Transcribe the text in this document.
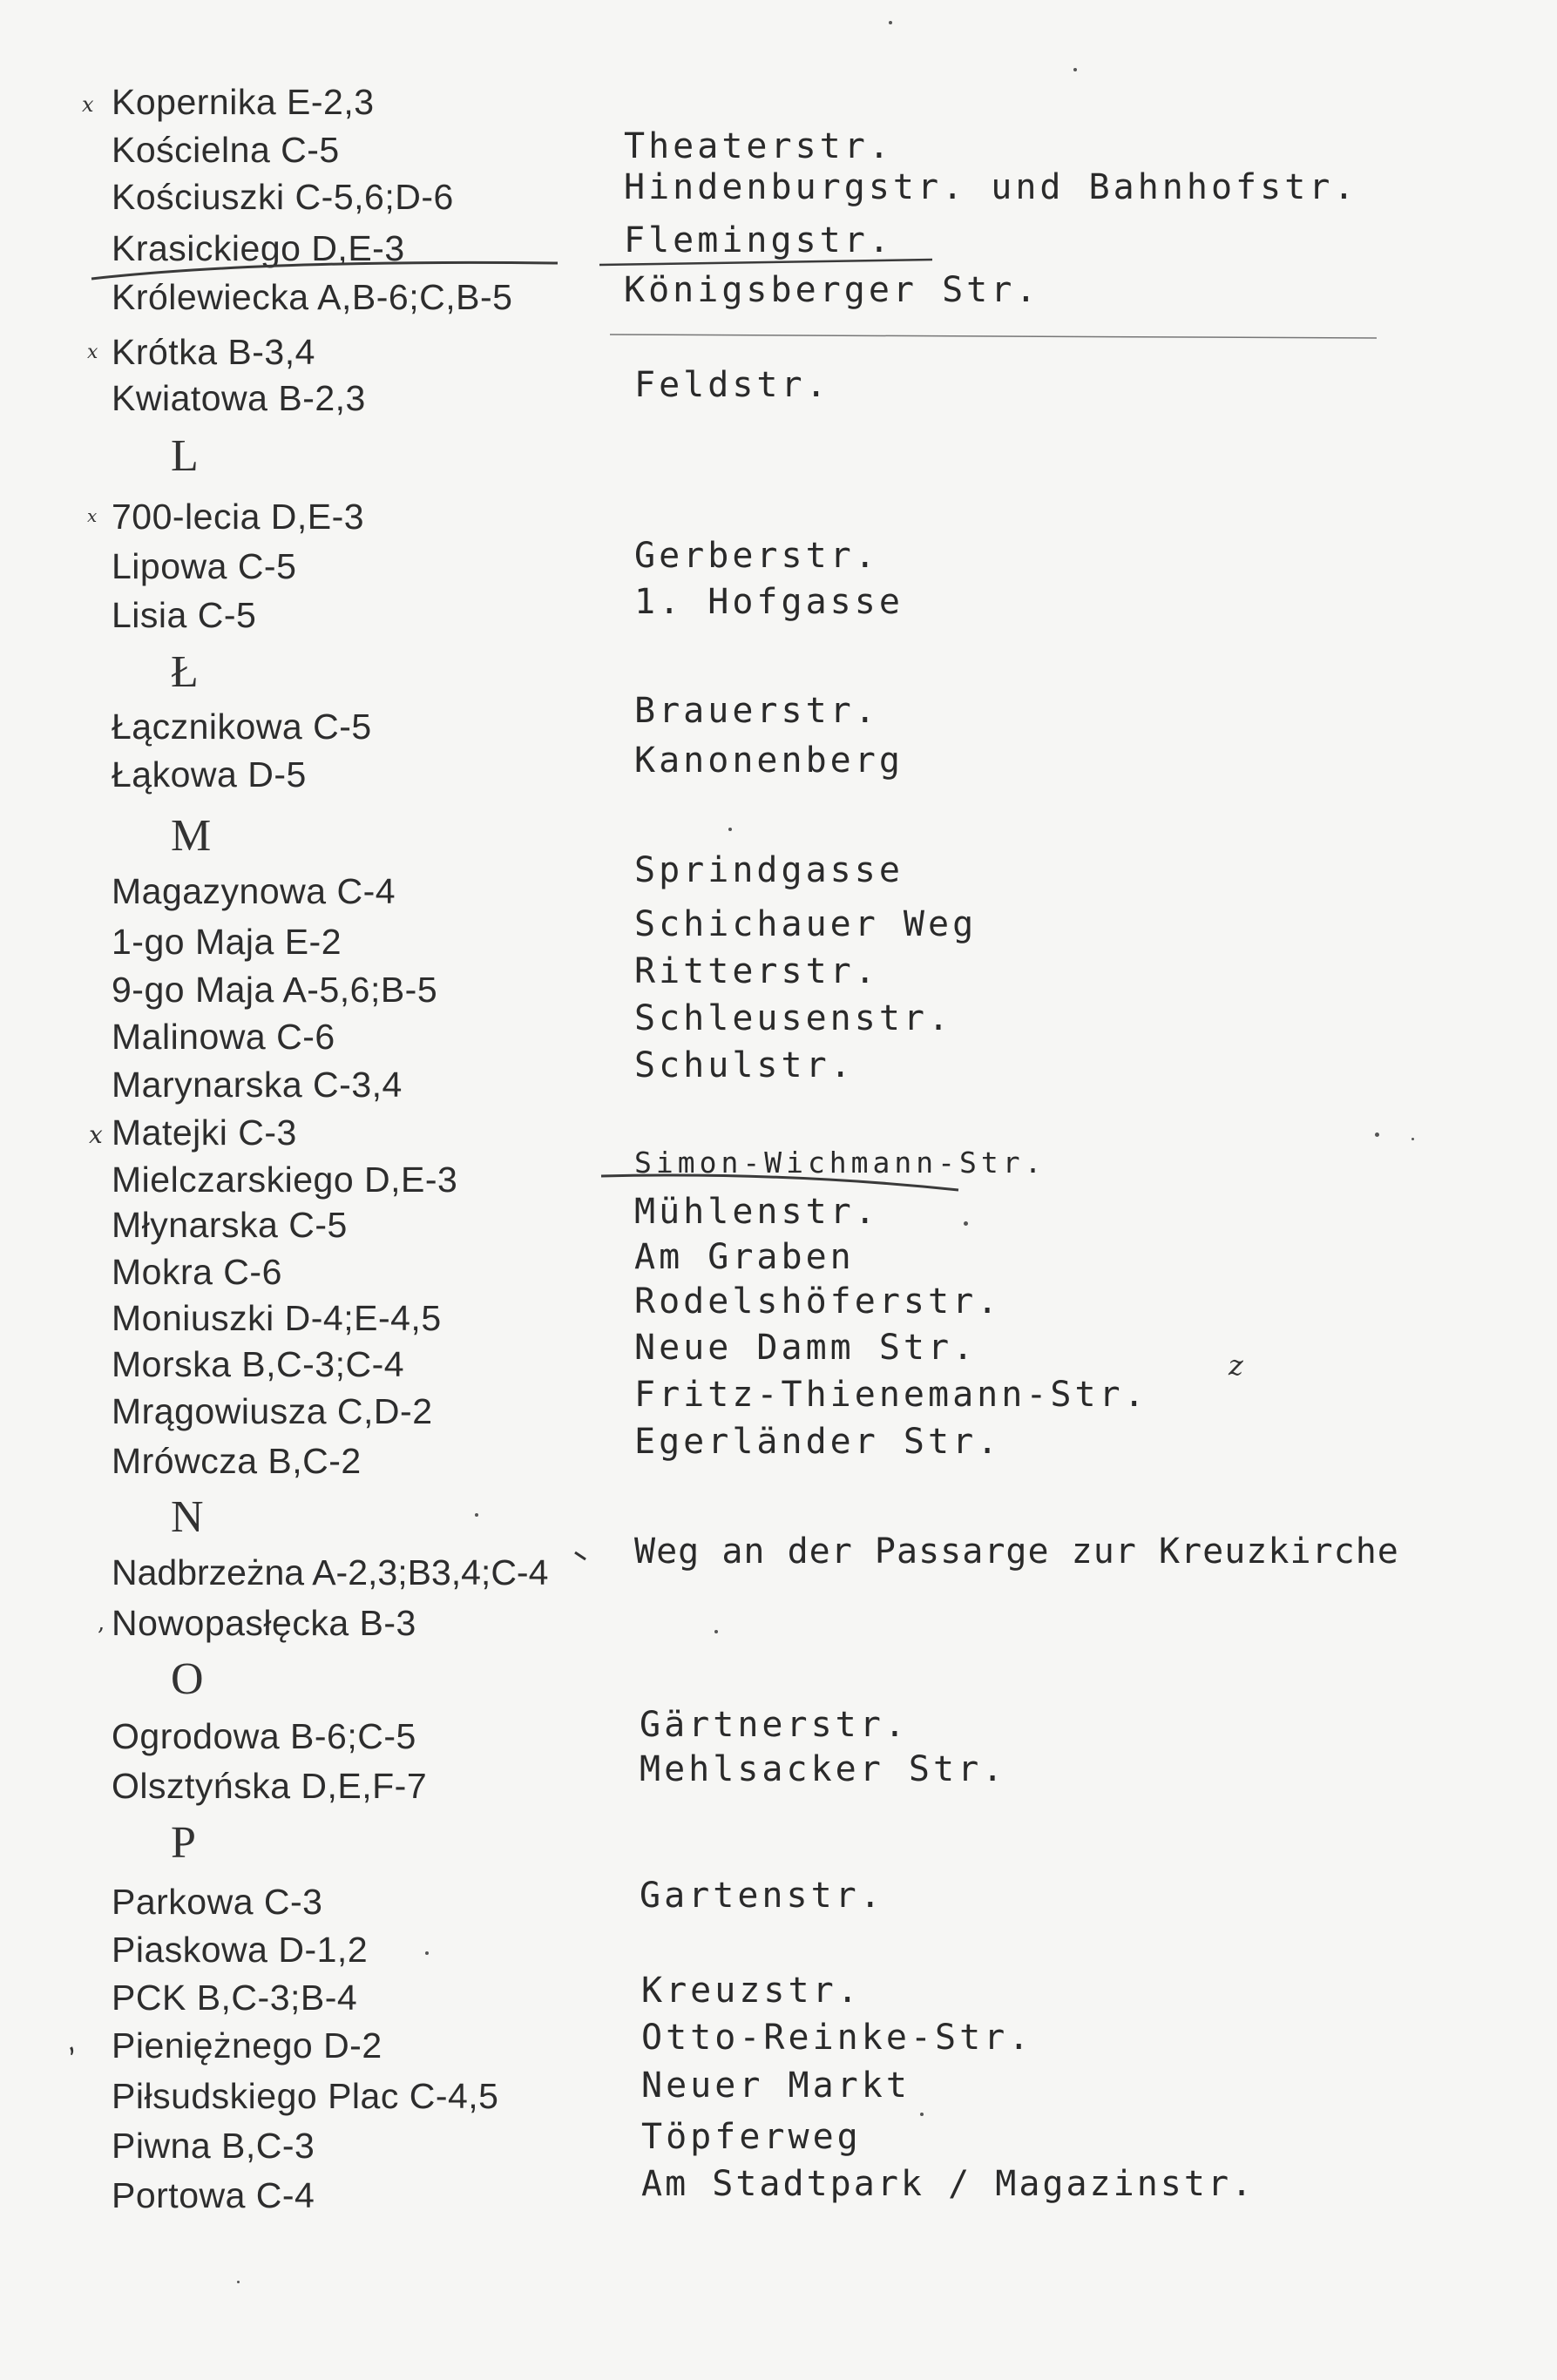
x
x
x
x
,
,
z
Kopernika E-2,3
Kościelna C-5
Kościuszki C-5,6;D-6
Krasickiego D,E-3
Królewiecka A,B-6;C,B-5
Krótka B-3,4
Kwiatowa B-2,3
L
700-lecia D,E-3
Lipowa C-5
Lisia C-5
Ł
Łącznikowa C-5
Łąkowa D-5
M
Magazynowa C-4
1-go Maja E-2
9-go Maja A-5,6;B-5
Malinowa C-6
Marynarska C-3,4
Matejki C-3
Mielczarskiego D,E-3
Młynarska C-5
Mokra C-6
Moniuszki D-4;E-4,5
Morska B,C-3;C-4
Mrągowiusza C,D-2
Mrówcza B,C-2
N
Nadbrzeżna A-2,3;B3,4;C-4
Nowopasłęcka B-3
O
Ogrodowa B-6;C-5
Olsztyńska D,E,F-7
P
Parkowa C-3
Piaskowa D-1,2
PCK B,C-3;B-4
Pieniężnego D-2
Piłsudskiego Plac C-4,5
Piwna B,C-3
Portowa C-4
Theaterstr.
Hindenburgstr. und Bahnhofstr.
Flemingstr.
Königsberger Str.
Feldstr.
Gerberstr.
1. Hofgasse
Brauerstr.
Kanonenberg
Sprindgasse
Schichauer Weg
Ritterstr.
Schleusenstr.
Schulstr.
Simon-Wichmann-Str.
Mühlenstr.
Am Graben
Rodelshöferstr.
Neue Damm Str.
Fritz-Thienemann-Str.
Egerländer Str.
Weg an der Passarge zur Kreuzkirche
Gärtnerstr.
Mehlsacker Str.
Gartenstr.
Kreuzstr.
Otto-Reinke-Str.
Neuer Markt
Töpferweg
Am Stadtpark / Magazinstr.
